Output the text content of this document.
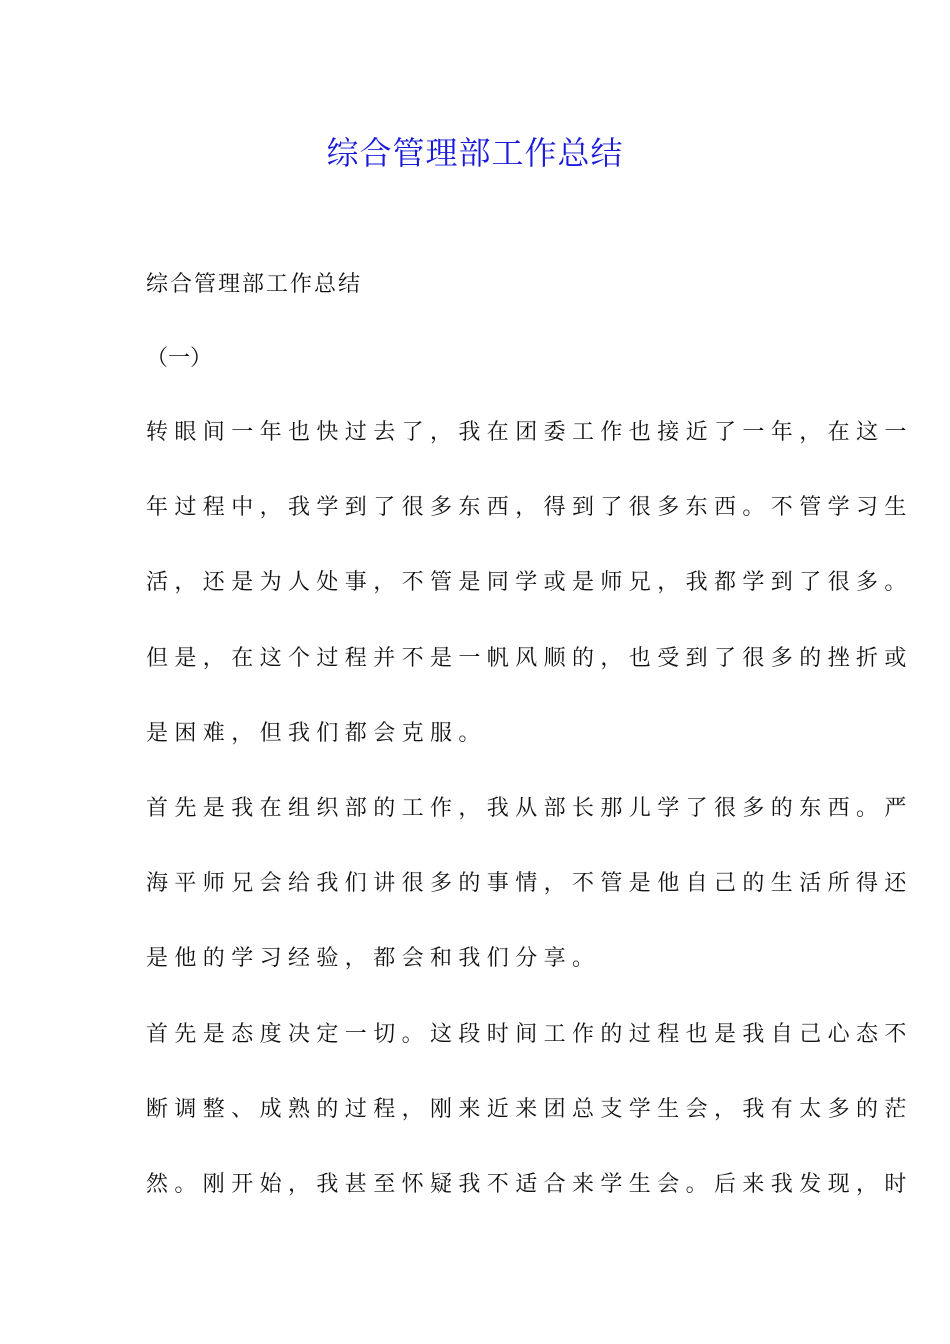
综合管理部工作总结
综合管理部工作总结
（一）
转眼间一年也快过去了，我在团委工作也接近了一年，在这一
年过程中，我学到了很多东西，得到了很多东西。不管学习生
活，还是为人处事，不管是同学或是师兄，我都学到了很多。
但是，在这个过程并不是一帆风顺的，也受到了很多的挫折或
是困难，但我们都会克服。
首先是我在组织部的工作，我从部长那儿学了很多的东西。严
海平师兄会给我们讲很多的事情，不管是他自己的生活所得还
是他的学习经验，都会和我们分享。
首先是态度决定一切。这段时间工作的过程也是我自己心态不
断调整、成熟的过程，刚来近来团总支学生会，我有太多的茫
然。刚开始，我甚至怀疑我不适合来学生会。后来我发现，时
